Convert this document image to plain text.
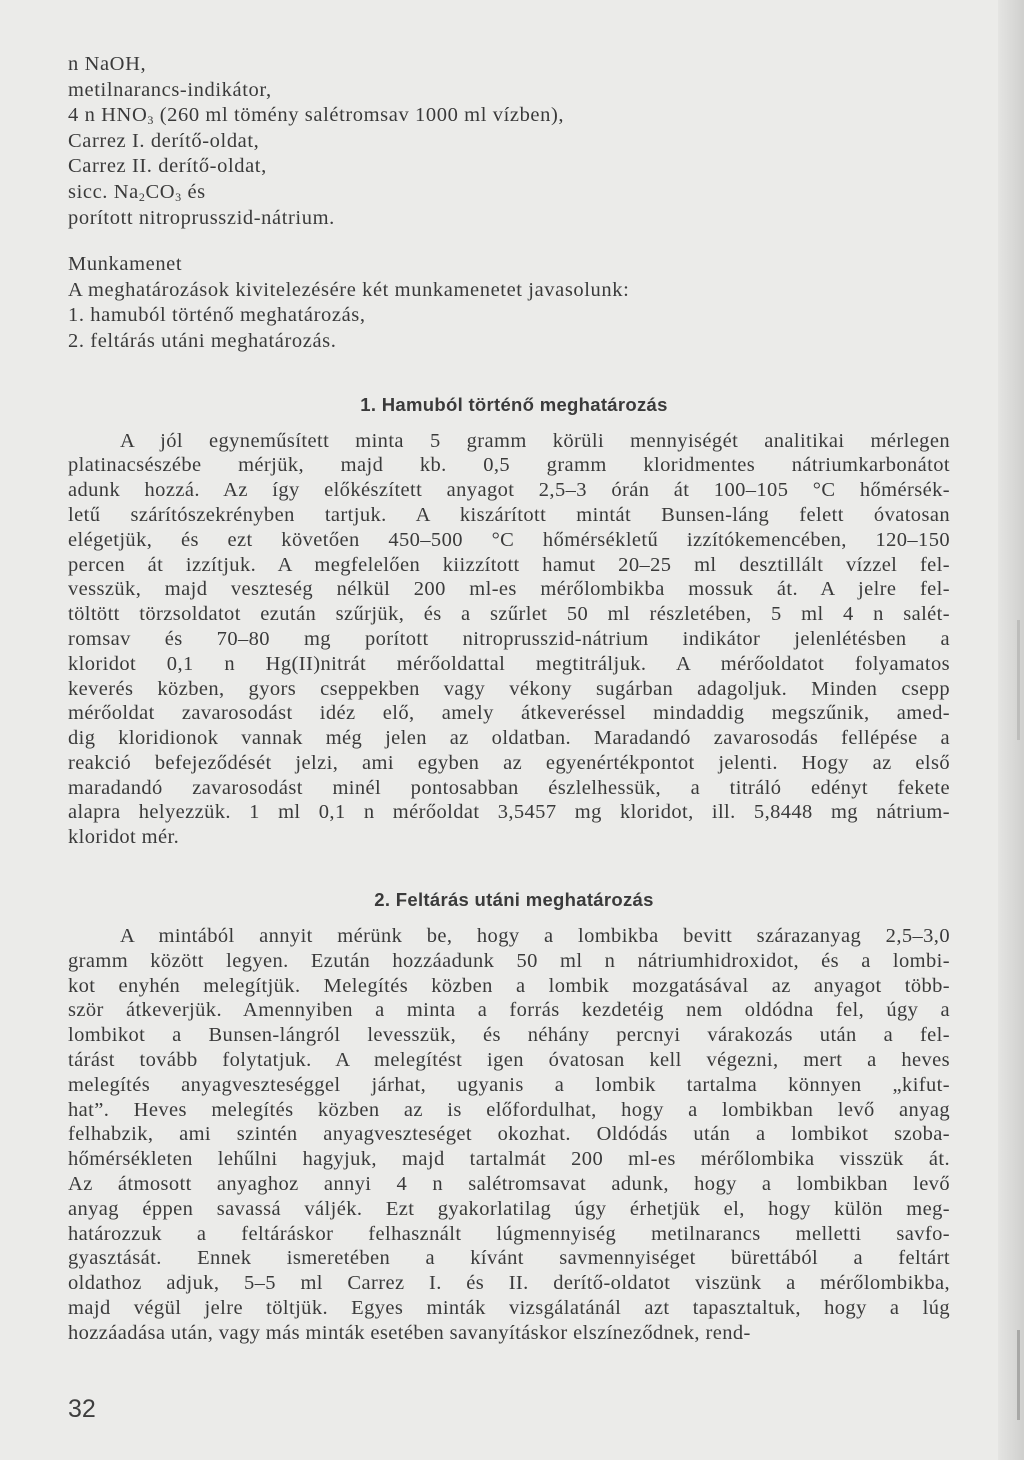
n NaOH,
metilnarancs-indikátor,
4 n $HNO_3$ (260 ml tömény salétromsav 1000 ml vízben),
Carrez I. derítő-oldat,
Carrez II. derítő-oldat,
sicc. $Na_2CO_3$ és
porított nitroprusszid-nátrium.
Munkamenet
A meghatározások kivitelezésére két munkamenetet javasolunk:
1. hamuból történő meghatározás,
2. feltárás utáni meghatározás.
1. Hamuból történő meghatározás
A jól egyneműsített minta 5 gramm körüli mennyiségét analitikai mérlegen
platinacsészébe mérjük, majd kb. 0,5 gramm kloridmentes nátriumkarbonátot
adunk hozzá. Az így előkészített anyagot 2,5–3 órán át 100–105 °C hőmérsék-
letű szárítószekrényben tartjuk. A kiszárított mintát Bunsen-láng felett óvatosan
elégetjük, és ezt követően 450–500 °C hőmérsékletű izzítókemencében, 120–150
percen át izzítjuk. A megfelelően kiizzított hamut 20–25 ml desztillált vízzel fel-
vesszük, majd veszteség nélkül 200 ml-es mérőlombikba mossuk át. A jelre fel-
töltött törzsoldatot ezután szűrjük, és a szűrlet 50 ml részletében, 5 ml 4 n salét-
romsav és 70–80 mg porított nitroprusszid-nátrium indikátor jelenlétésben a
kloridot 0,1 n Hg(II)nitrát mérőoldattal megtitráljuk. A mérőoldatot folyamatos
keverés közben, gyors cseppekben vagy vékony sugárban adagoljuk. Minden csepp
mérőoldat zavarosodást idéz elő, amely átkeveréssel mindaddig megszűnik, amed-
dig kloridionok vannak még jelen az oldatban. Maradandó zavarosodás fellépése a
reakció befejeződését jelzi, ami egyben az egyenértékpontot jelenti. Hogy az első
maradandó zavarosodást minél pontosabban észlelhessük, a titráló edényt fekete
alapra helyezzük. 1 ml 0,1 n mérőoldat 3,5457 mg kloridot, ill. 5,8448 mg nátrium-
kloridot mér.
2. Feltárás utáni meghatározás
A mintából annyit mérünk be, hogy a lombikba bevitt szárazanyag 2,5–3,0
gramm között legyen. Ezután hozzáadunk 50 ml n nátriumhidroxidot, és a lombi-
kot enyhén melegítjük. Melegítés közben a lombik mozgatásával az anyagot több-
ször átkeverjük. Amennyiben a minta a forrás kezdetéig nem oldódna fel, úgy a
lombikot a Bunsen-lángról levesszük, és néhány percnyi várakozás után a fel-
tárást tovább folytatjuk. A melegítést igen óvatosan kell végezni, mert a heves
melegítés anyagveszteséggel járhat, ugyanis a lombik tartalma könnyen „kifut-
hat”. Heves melegítés közben az is előfordulhat, hogy a lombikban levő anyag
felhabzik, ami szintén anyagveszteséget okozhat. Oldódás után a lombikot szoba-
hőmérsékleten lehűlni hagyjuk, majd tartalmát 200 ml-es mérőlombika visszük át.
Az átmosott anyaghoz annyi 4 n salétromsavat adunk, hogy a lombikban levő
anyag éppen savassá váljék. Ezt gyakorlatilag úgy érhetjük el, hogy külön meg-
határozzuk a feltáráskor felhasznált lúgmennyiség metilnarancs melletti savfo-
gyasztását. Ennek ismeretében a kívánt savmennyiséget bürettából a feltárt
oldathoz adjuk, 5–5 ml Carrez I. és II. derítő-oldatot viszünk a mérőlombikba,
majd végül jelre töltjük. Egyes minták vizsgálatánál azt tapasztaltuk, hogy a lúg
hozzáadása után, vagy más minták esetében savanyításkor elszíneződnek, rend-
32
